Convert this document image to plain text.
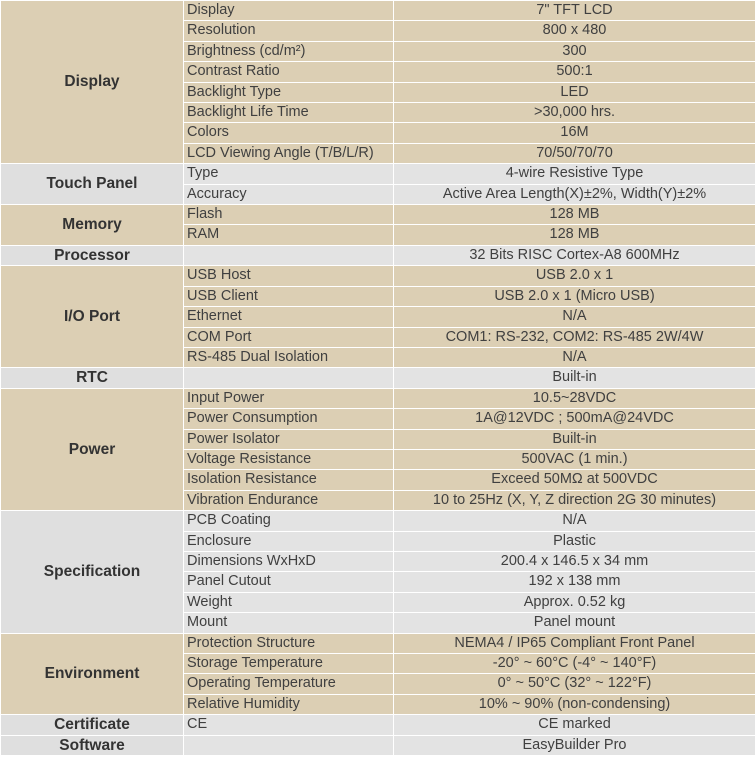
Display	Display	7" TFT LCD
	Resolution	800 x 480
	Brightness (cd/m²)	300
	Contrast Ratio	500:1
	Backlight Type	LED
	Backlight Life Time	>30,000 hrs.
	Colors	16M
	LCD Viewing Angle (T/B/L/R)	70/50/70/70
Touch Panel	Type	4-wire Resistive Type
	Accuracy	Active Area Length(X)±2%, Width(Y)±2%
Memory	Flash	128 MB
	RAM	128 MB
Processor		32 Bits RISC Cortex-A8 600MHz
I/O Port	USB Host	USB 2.0 x 1
	USB Client	USB 2.0 x 1 (Micro USB)
	Ethernet	N/A
	COM Port	COM1: RS-232, COM2: RS-485 2W/4W
	RS-485 Dual Isolation	N/A
RTC		Built-in
Power	Input Power	10.5~28VDC
	Power Consumption	1A@12VDC ; 500mA@24VDC
	Power Isolator	Built-in
	Voltage Resistance	500VAC (1 min.)
	Isolation Resistance	Exceed 50MΩ at 500VDC
	Vibration Endurance	10 to 25Hz (X, Y, Z direction 2G 30 minutes)
Specification	PCB Coating	N/A
	Enclosure	Plastic
	Dimensions WxHxD	200.4 x 146.5 x 34 mm
	Panel Cutout	192 x 138 mm
	Weight	Approx. 0.52 kg
	Mount	Panel mount
Environment	Protection Structure	NEMA4 / IP65 Compliant Front Panel
	Storage Temperature	-20° ~ 60°C (-4° ~ 140°F)
	Operating Temperature	0° ~ 50°C (32° ~ 122°F)
	Relative Humidity	10% ~ 90% (non-condensing)
Certificate	CE	CE marked
Software		EasyBuilder Pro
